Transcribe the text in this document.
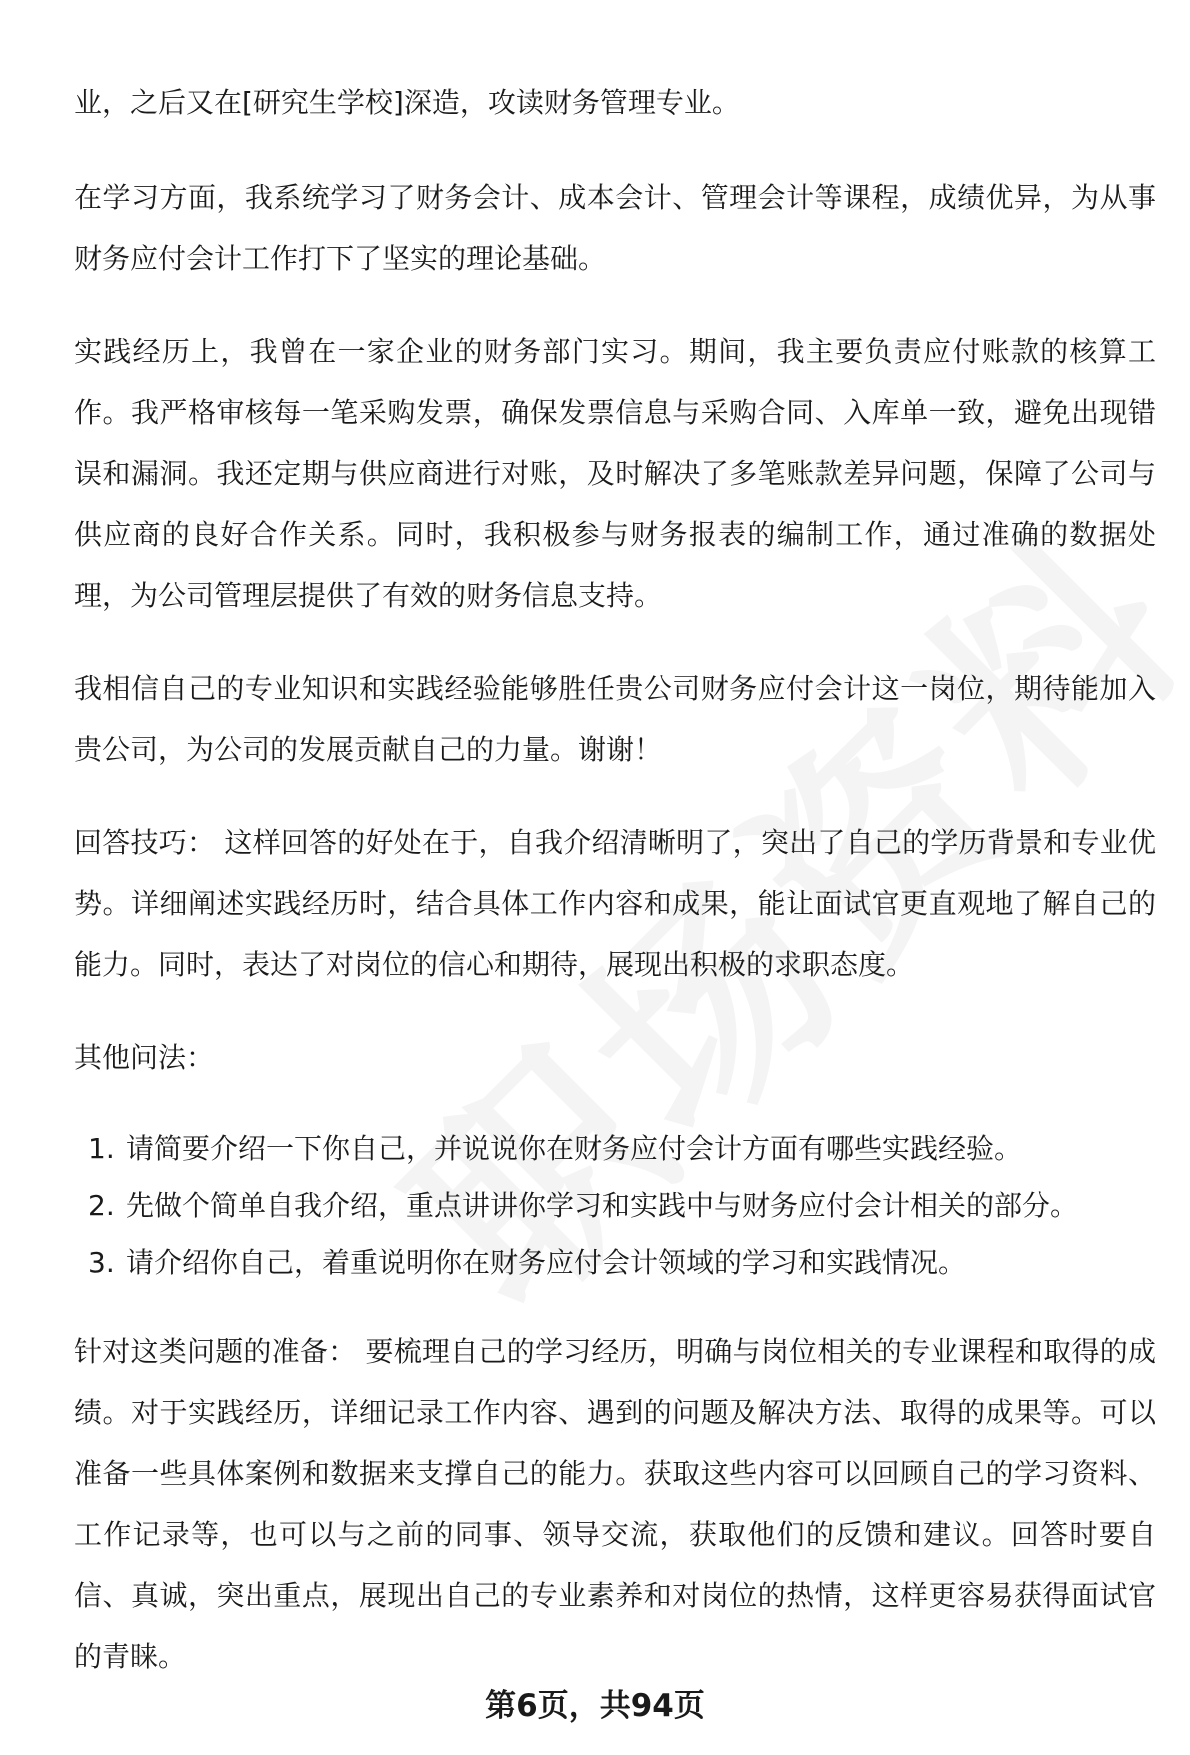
业，之后又在[研究生学校]深造，攻读财务管理专业。

在学习方面，我系统学习了财务会计、成本会计、管理会计等课程，成绩优异，为从事财务应付会计工作打下了坚实的理论基础。

实践经历上，我曾在一家企业的财务部门实习。期间，我主要负责应付账款的核算工作。我严格审核每一笔采购发票，确保发票信息与采购合同、入库单一致，避免出现错误和漏洞。我还定期与供应商进行对账，及时解决了多笔账款差异问题，保障了公司与供应商的良好合作关系。同时，我积极参与财务报表的编制工作，通过准确的数据处理，为公司管理层提供了有效的财务信息支持。

我相信自己的专业知识和实践经验能够胜任贵公司财务应付会计这一岗位，期待能加入贵公司，为公司的发展贡献自己的力量。谢谢！

回答技巧： 这样回答的好处在于，自我介绍清晰明了，突出了自己的学历背景和专业优势。详细阐述实践经历时，结合具体工作内容和成果，能让面试官更直观地了解自己的能力。同时，表达了对岗位的信心和期待，展现出积极的求职态度。

其他问法：

1. 请简要介绍一下你自己，并说说你在财务应付会计方面有哪些实践经验。
2. 先做个简单自我介绍，重点讲讲你学习和实践中与财务应付会计相关的部分。
3. 请介绍你自己，着重说明你在财务应付会计领域的学习和实践情况。

针对这类问题的准备： 要梳理自己的学习经历，明确与岗位相关的专业课程和取得的成绩。对于实践经历，详细记录工作内容、遇到的问题及解决方法、取得的成果等。可以准备一些具体案例和数据来支撑自己的能力。获取这些内容可以回顾自己的学习资料、工作记录等，也可以与之前的同事、领导交流，获取他们的反馈和建议。回答时要自信、真诚，突出重点，展现出自己的专业素养和对岗位的热情，这样更容易获得面试官的青睐。

第6页，共94页
